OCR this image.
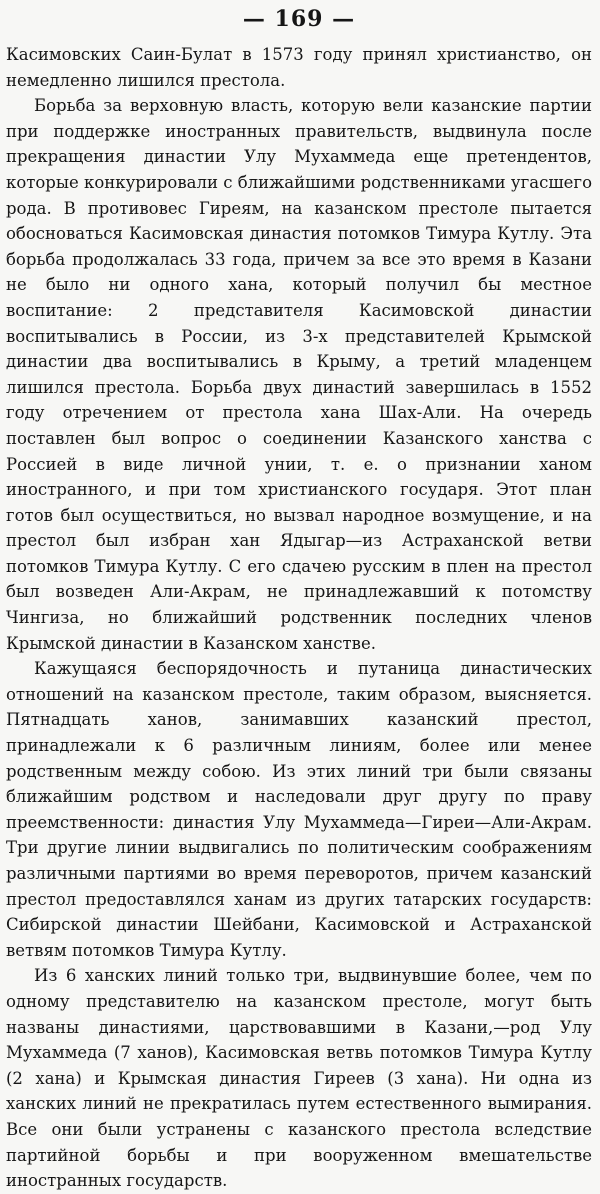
— 169 —

Касимовских Саин-Булат в 1573 году принял христианство, он немедленно лишился престола.

Борьба за верховную власть, которую вели казанские партии при поддержке иностранных правительств, выдвинула после прекращения династии Улу Мухаммеда еще претендентов, которые конкурировали с ближайшими родственниками угасшего рода. В противовес Гиреям, на казанском престоле пытается обосноваться Касимовская династия потомков Тимура Кутлу. Эта борьба продолжалась 33 года, причем за все это время в Казани не было ни одного хана, который получил бы местное воспитание: 2 представителя Касимовской династии воспитывались в России, из 3-х представителей Крымской династии два воспитывались в Крыму, а третий младенцем лишился престола. Борьба двух династий завершилась в 1552 году отречением от престола хана Шах-Али. На очередь поставлен был вопрос о соединении Казанского ханства с Россией в виде личной унии, т. е. о признании ханом иностранного, и при том христианского государя. Этот план готов был осуществиться, но вызвал народное возмущение, и на престол был избран хан Ядыгар—из Астраханской ветви потомков Тимура Кутлу. С его сдачею русским в плен на престол был возведен Али-Акрам, не принадлежавший к потомству Чингиза, но ближайший родственник последних членов Крымской династии в Казанском ханстве.

Кажущаяся беспорядочность и путаница династических отношений на казанском престоле, таким образом, выясняется. Пятнадцать ханов, занимавших казанский престол, принадлежали к 6 различным линиям, более или менее родственным между собою. Из этих линий три были связаны ближайшим родством и наследовали друг другу по праву преемственности: династия Улу Мухаммеда—Гиреи—Али-Акрам. Три другие линии выдвигались по политическим соображениям различными партиями во время переворотов, причем казанский престол предоставлялся ханам из других татарских государств: Сибирской династии Шейбани, Касимовской и Астраханской ветвям потомков Тимура Кутлу.

Из 6 ханских линий только три, выдвинувшие более, чем по одному представителю на казанском престоле, могут быть названы династиями, царствовавшими в Казани,—род Улу Мухаммеда (7 ханов), Касимовская ветвь потомков Тимура Кутлу (2 хана) и Крымская династия Гиреев (3 хана). Ни одна из ханских линий не прекратилась путем естественного вымирания. Все они были устранены с казанского престола вследствие партийной борьбы и при вооруженном вмешательстве иностранных государств.
